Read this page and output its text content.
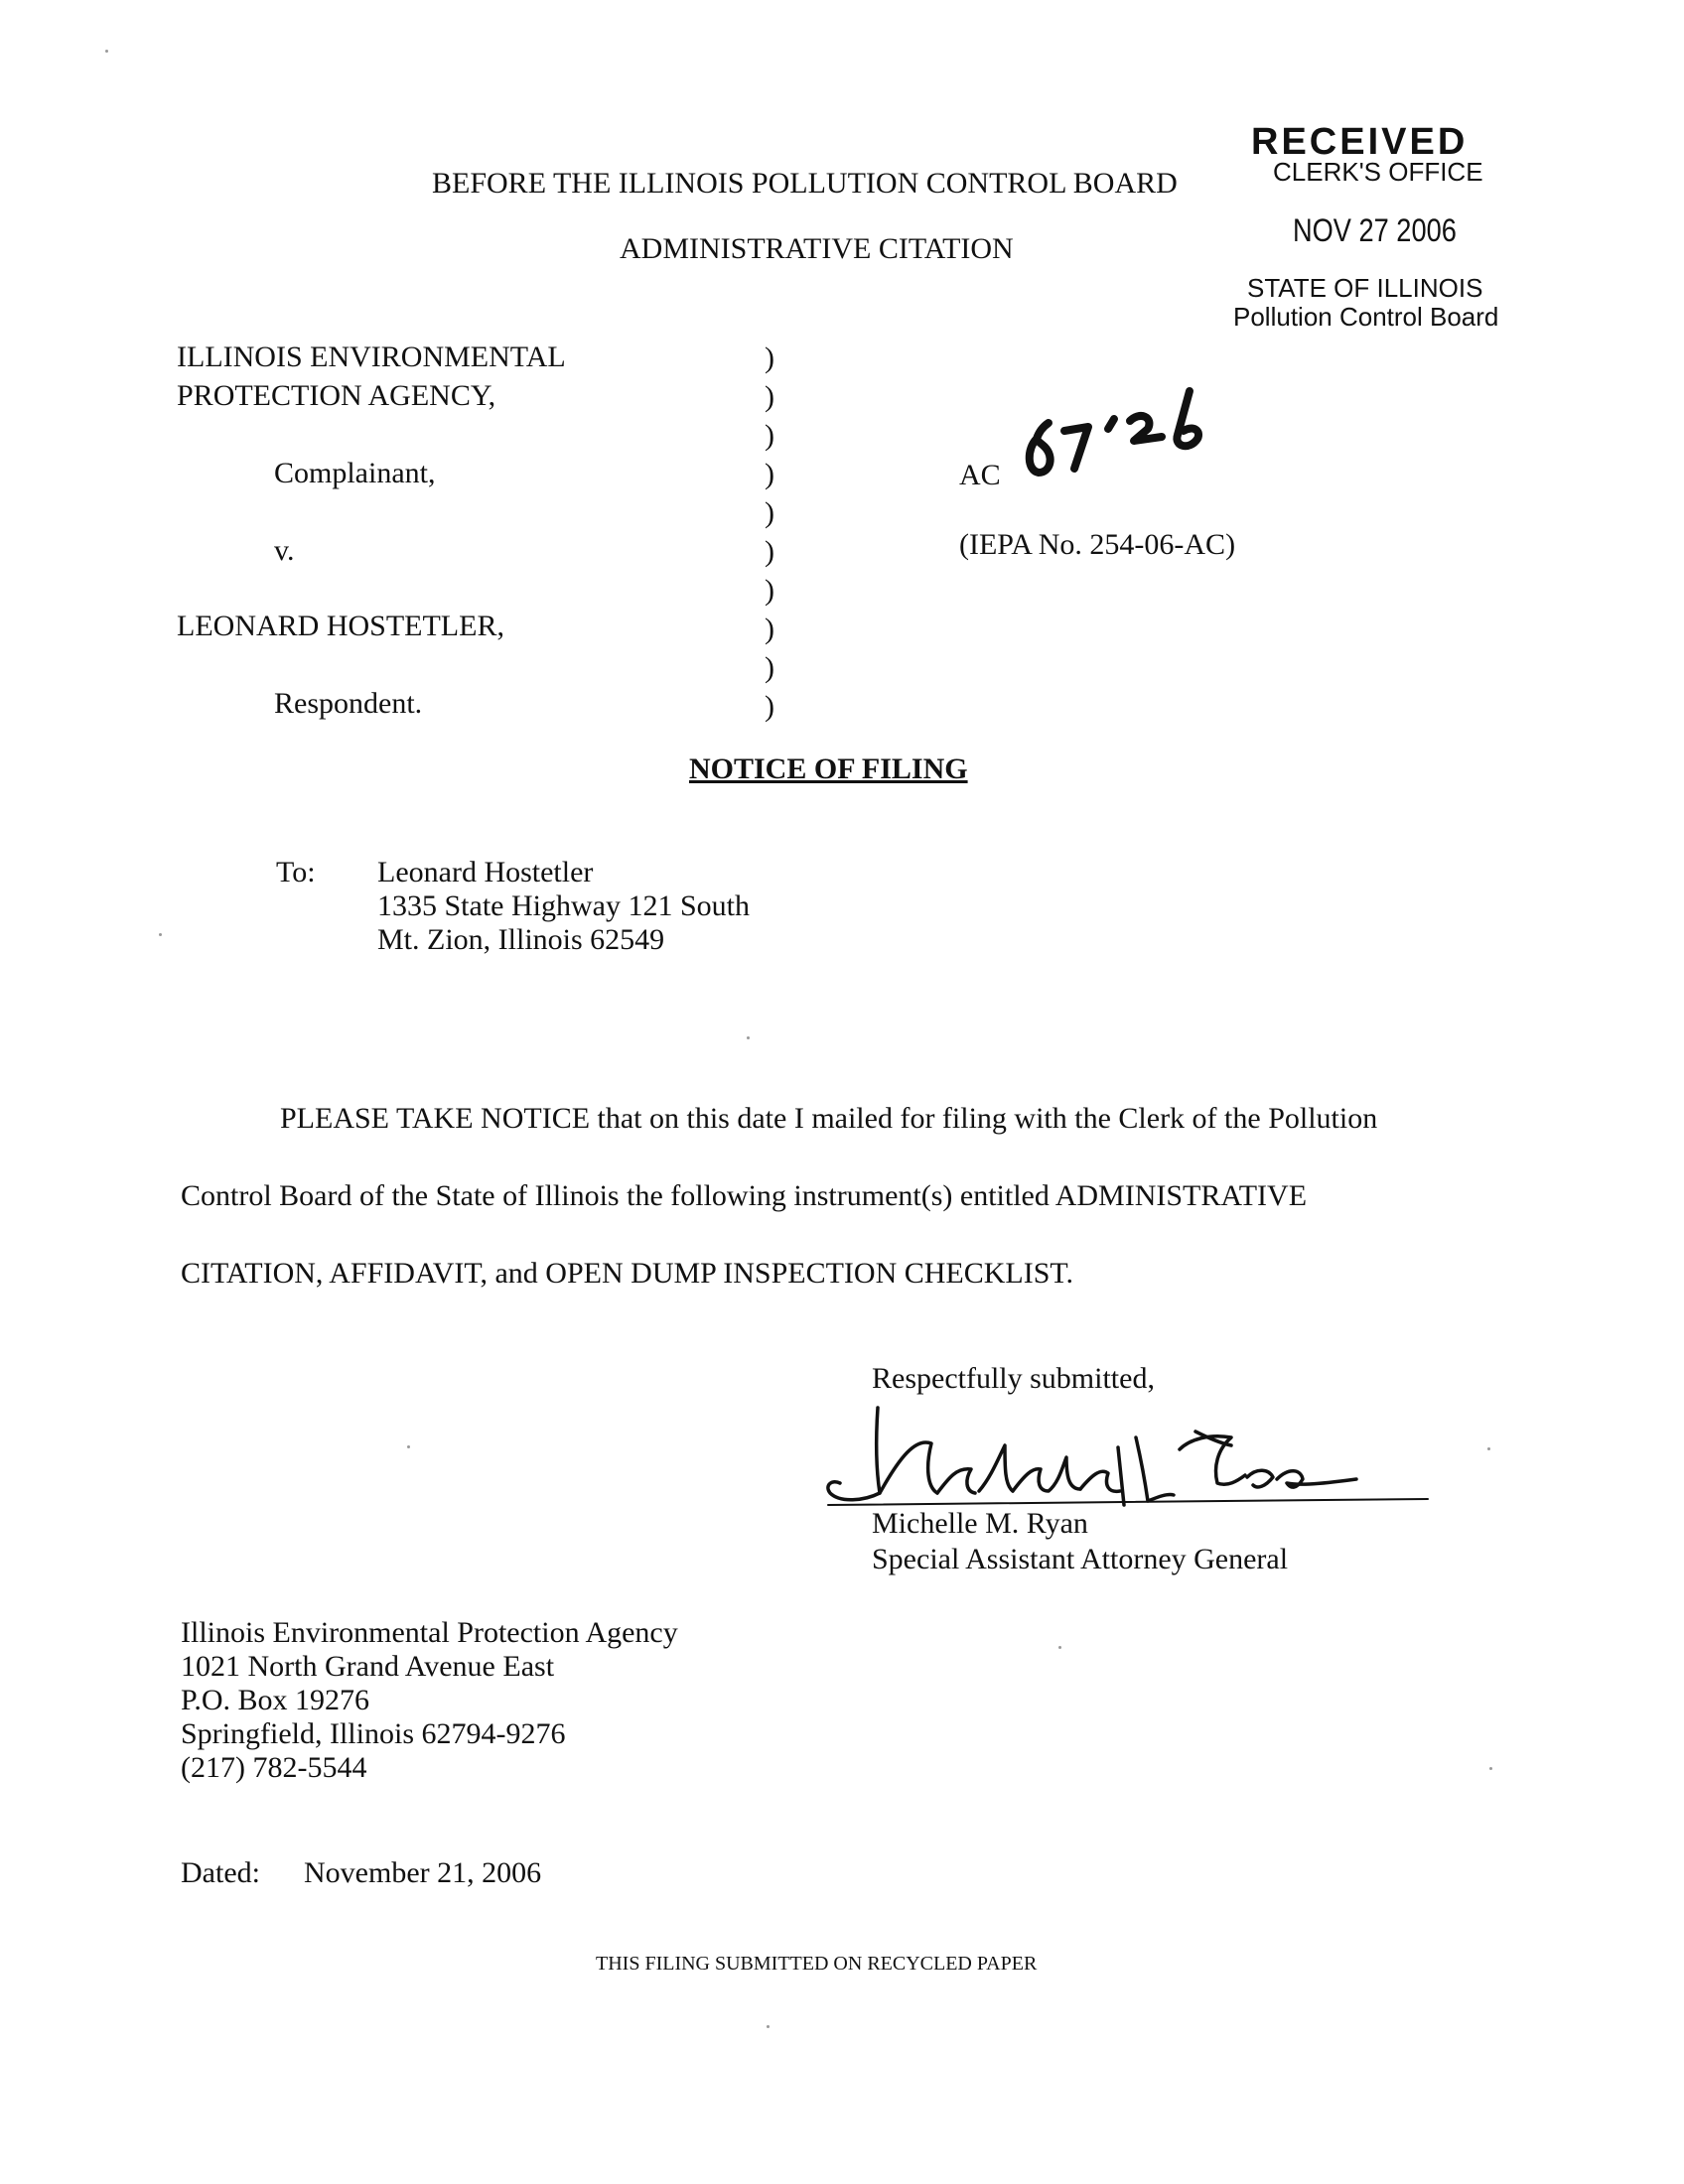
RECEIVED
CLERK'S OFFICE
NOV 27 2006
STATE OF ILLINOIS
Pollution Control Board
BEFORE THE ILLINOIS POLLUTION CONTROL BOARD
ADMINISTRATIVE CITATION
ILLINOIS ENVIRONMENTAL
PROTECTION AGENCY,
Complainant,
v.
LEONARD HOSTETLER,
Respondent.
)
)
)
)
)
)
)
)
)
)
AC
(IEPA No. 254-06-AC)
NOTICE OF FILING
To: Leonard Hostetler
1335 State Highway 121 South
Mt. Zion, Illinois 62549
PLEASE TAKE NOTICE that on this date I mailed for filing with the Clerk of the Pollution
Control Board of the State of Illinois the following instrument(s) entitled ADMINISTRATIVE
CITATION, AFFIDAVIT, and OPEN DUMP INSPECTION CHECKLIST.
Respectfully submitted,
Michelle M. Ryan
Special Assistant Attorney General
Illinois Environmental Protection Agency
1021 North Grand Avenue East
P.O. Box 19276
Springfield, Illinois 62794-9276
(217) 782-5544
Dated: November 21, 2006
THIS FILING SUBMITTED ON RECYCLED PAPER
